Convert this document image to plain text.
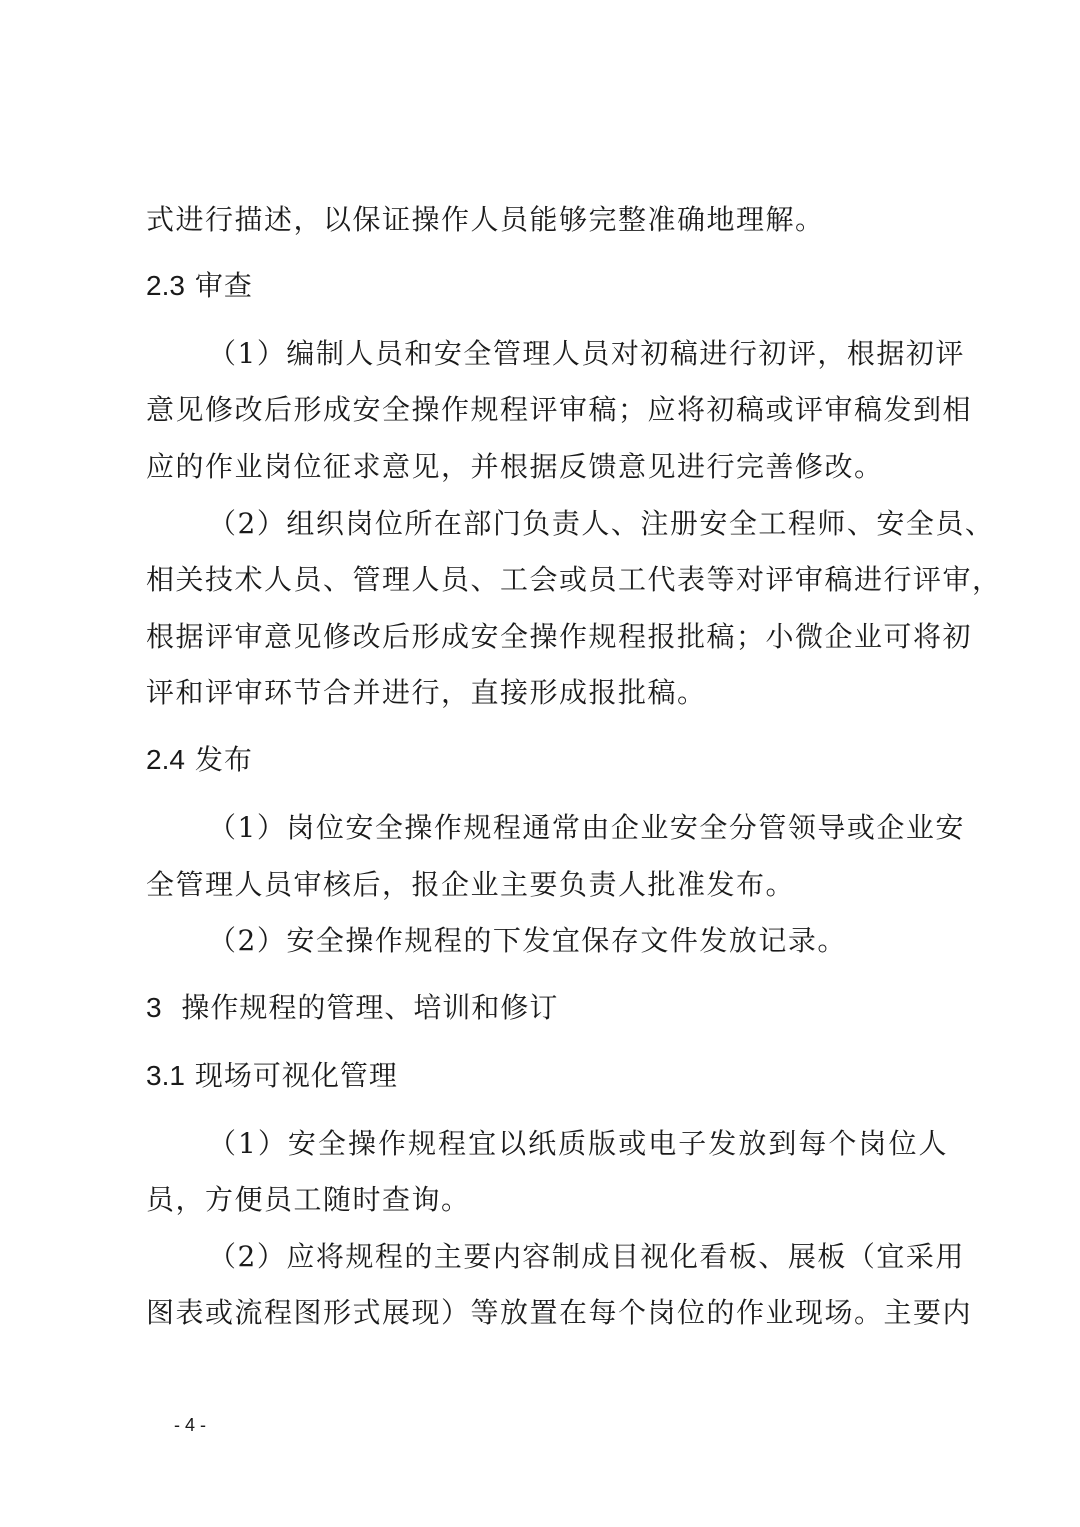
式进行描述，以保证操作人员能够完整准确地理解。
2.3 审查
（1）编制人员和安全管理人员对初稿进行初评，根据初评
意见修改后形成安全操作规程评审稿；应将初稿或评审稿发到相
应的作业岗位征求意见，并根据反馈意见进行完善修改。
（2）组织岗位所在部门负责人、注册安全工程师、安全员、
相关技术人员、管理人员、工会或员工代表等对评审稿进行评审，
根据评审意见修改后形成安全操作规程报批稿；小微企业可将初
评和评审环节合并进行，直接形成报批稿。
2.4 发布
（1）岗位安全操作规程通常由企业安全分管领导或企业安
全管理人员审核后，报企业主要负责人批准发布。
（2）安全操作规程的下发宜保存文件发放记录。
3 操作规程的管理、培训和修订
3.1 现场可视化管理
（1）安全操作规程宜以纸质版或电子发放到每个岗位人
员，方便员工随时查询。
（2）应将规程的主要内容制成目视化看板、展板（宜采用
图表或流程图形式展现）等放置在每个岗位的作业现场。主要内
- 4 -
